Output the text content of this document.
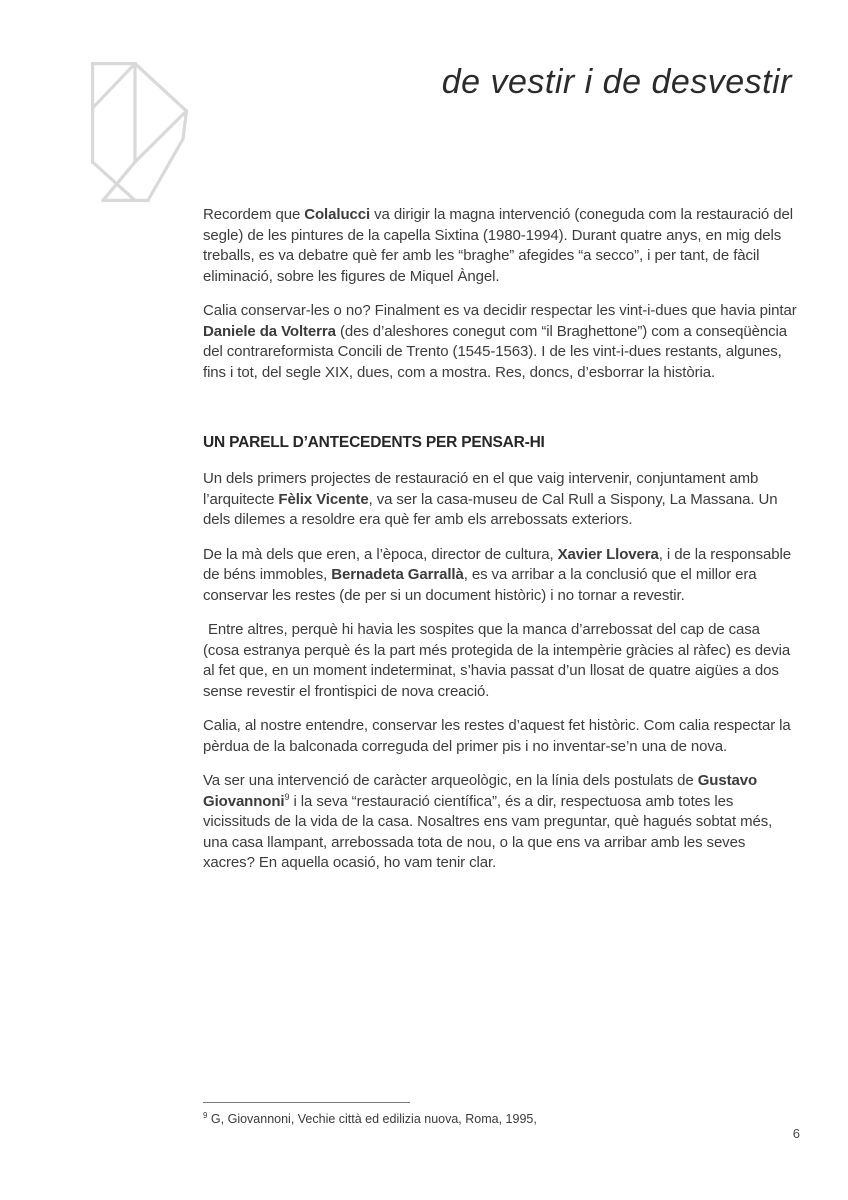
de vestir i de desvestir

Recordem que Colalucci va dirigir la magna intervenció (coneguda com la restauració del segle) de les pintures de la capella Sixtina (1980-1994). Durant quatre anys, en mig dels treballs, es va debatre què fer amb les “braghe” afegides “a secco”, i per tant, de fàcil eliminació, sobre les figures de Miquel Àngel.

Calia conservar-les o no? Finalment es va decidir respectar les vint-i-dues que havia pintar Daniele da Volterra (des d’aleshores conegut com “il Braghettone”) com a conseqüència del contrareformista Concili de Trento (1545-1563). I de les vint-i-dues restants, algunes, fins i tot, del segle XIX, dues, com a mostra. Res, doncs, d’esborrar la història.

UN PARELL D’ANTECEDENTS PER PENSAR-HI

Un dels primers projectes de restauració en el que vaig intervenir, conjuntament amb l’arquitecte Fèlix Vicente, va ser la casa-museu de Cal Rull a Sispony, La Massana. Un dels dilemes a resoldre era què fer amb els arrebossats exteriors.

De la mà dels que eren, a l’època, director de cultura, Xavier Llovera, i de la responsable de béns immobles, Bernadeta Garrallà, es va arribar a la conclusió que el millor era conservar les restes (de per si un document històric) i no tornar a revestir.

Entre altres, perquè hi havia les sospites que la manca d’arrebossat del cap de casa (cosa estranya perquè és la part més protegida de la intempèrie gràcies al ràfec) es devia al fet que, en un moment indeterminat, s’havia passat d’un llosat de quatre aigües a dos sense revestir el frontispici de nova creació.

Calia, al nostre entendre, conservar les restes d’aquest fet històric. Com calia respectar la pèrdua de la balconada correguda del primer pis i no inventar-se’n una de nova.

Va ser una intervenció de caràcter arqueològic, en la línia dels postulats de Gustavo Giovannoni$^9$ i la seva “restauració científica”, és a dir, respectuosa amb totes les vicissituds de la vida de la casa. Nosaltres ens vam preguntar, què hagués sobtat més, una casa llampant, arrebossada tota de nou, o la que ens va arribar amb les seves xacres? En aquella ocasió, ho vam tenir clar.

$^9$ G, Giovannoni, Vechie città ed edilizia nuova, Roma, 1995,

6
